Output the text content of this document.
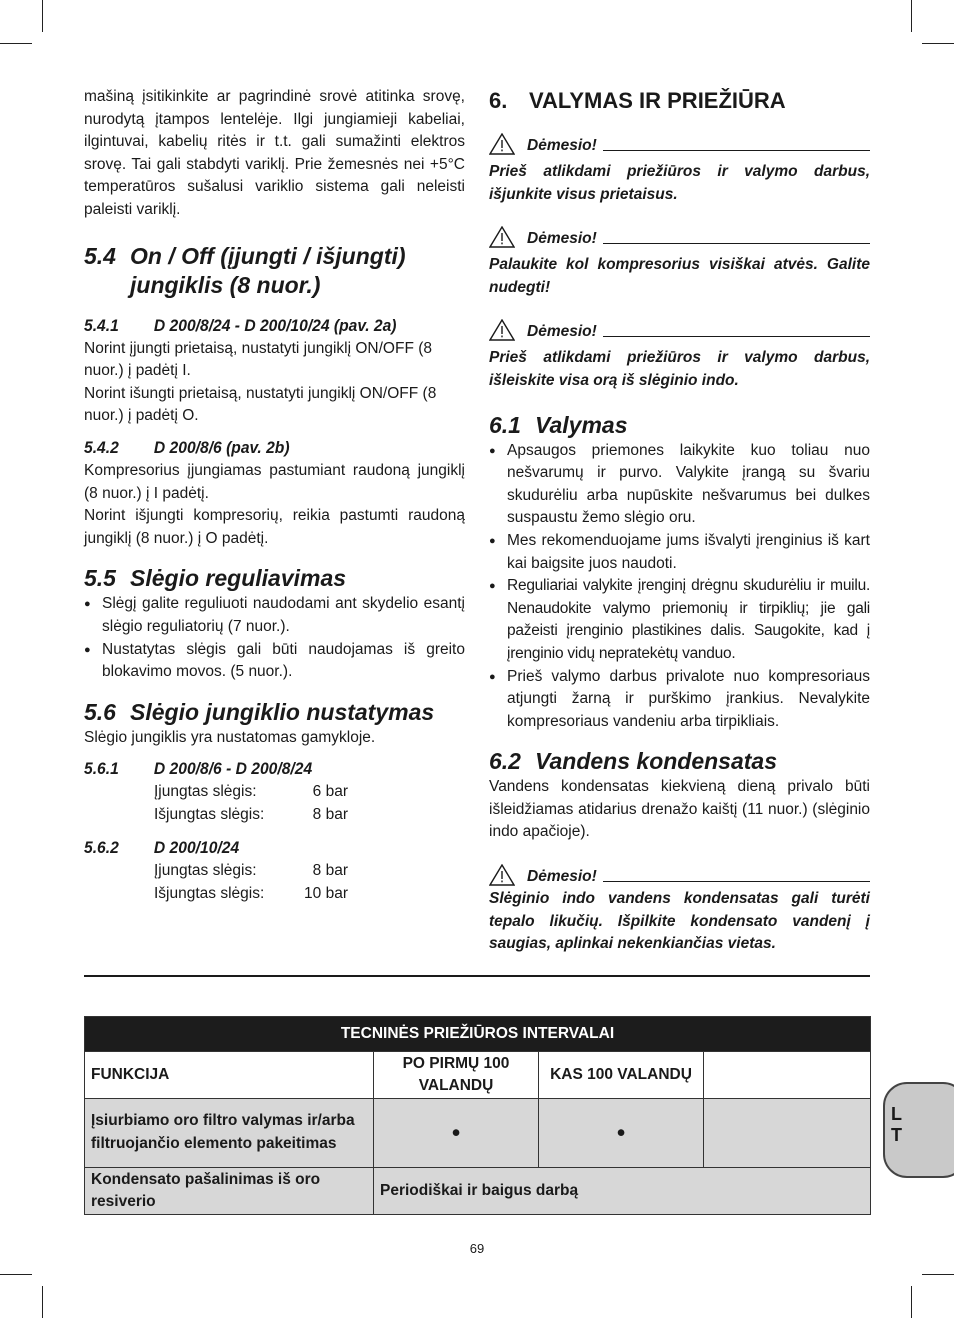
mašiną įsitikinkite ar pagrindinė srovė atitinka srovę, nurodytą įtampos lentelėje. Ilgi jungiamieji kabeliai, ilgintuvai, kabelių ritės ir t.t. gali sumažinti elektros srovę. Tai gali stabdyti variklį. Prie žemesnės nei +5°C temperatūros sušalusi variklio sistema gali neleisti paleisti variklį.

5.4 On / Off (įjungti / išjungti) jungiklis (8 nuor.)
5.4.1	D 200/8/24 - D 200/10/24 (pav. 2a)

Norint įjungti prietaisą, nustatyti jungiklį ON/OFF (8 nuor.) į padėtį I.

Norint išungti prietaisą, nustatyti jungiklį ON/OFF (8 nuor.) į padėtį O.

5.4.2	D 200/8/6 (pav. 2b)

Kompresorius įjungiamas pastumiant raudoną jungiklį (8 nuor.) į I padėtį.

Norint išjungti kompresorių, reikia pastumti raudoną jungiklį (8 nuor.) į O padėtį.

5.5 Slėgio reguliavimas
● Slėgį galite reguliuoti naudodami ant skydelio esantį slėgio reguliatorių (7 nuor.).
● Nustatytas slėgis gali būti naudojamas iš greito blokavimo movos. (5 nuor.).
5.6 Slėgio jungiklio nustatymas

Slėgio jungiklis yra nustatomas gamykloje.

5.6.1	D 200/8/6 - D 200/8/24
Įjungtas slėgis:	6 bar
Išjungtas slėgis:	8 bar
5.6.2	D 200/10/24
Įjungtas slėgis:	8 bar
Išjungtas slėgis:	10 bar
6. VALYMAS IR PRIEŽIŪRA
Dėmesio!
Prieš atlikdami priežiūros ir valymo darbus, išjunkite visus prietaisus.
Dėmesio!
Palaukite kol kompresorius visiškai atvės. Galite nudegti!
Dėmesio!
Prieš atlikdami priežiūros ir valymo darbus, išleiskite visa orą iš slėginio indo.
6.1 Valymas
● Apsaugos priemones laikykite kuo toliau nuo nešvarumų ir purvo. Valykite įrangą su švariu skudurėliu arba nupūskite nešvarumus bei dulkes suspaustu žemo slėgio oru.
● Mes rekomenduojame jums išvalyti įrenginius iš kart kai baigsite juos naudoti.
● Reguliariai valykite įrenginį drėgnu skudurėliu ir muilu. Nenaudokite valymo priemonių ir tirpiklių; jie gali pažeisti įrenginio plastikines dalis. Saugokite, kad į įrenginio vidų nepratekėtų vanduo.
● Prieš valymo darbus privalote nuo kompresoriaus atjungti žarną ir purškimo įrankius. Nevalykite kompresoriaus vandeniu arba tirpikliais.
6.2 Vandens kondensatas

Vandens kondensatas kiekvieną dieną privalo būti išleidžiamas atidarius drenažo kaištį (11 nuor.) (slėginio indo apačioje).

Dėmesio!
Slėginio indo vandens kondensatas gali turėti tepalo likučių. Išpilkite kondensato vandenį į saugias, aplinkai nekenkiančias vietas.
TECNINĖS PRIEŽIŪROS INTERVALAI			
FUNKCIJA	PO PIRMŲ 100 VALANDŲ	KAS 100 VALANDŲ	
Įsiurbiamo oro filtro valymas ir/arba filtruojančio elemento pakeitimas	●	●	
Kondensato pašalinimas iš oro resiverio	Periodiškai ir baigus darbą		
L
T
69
